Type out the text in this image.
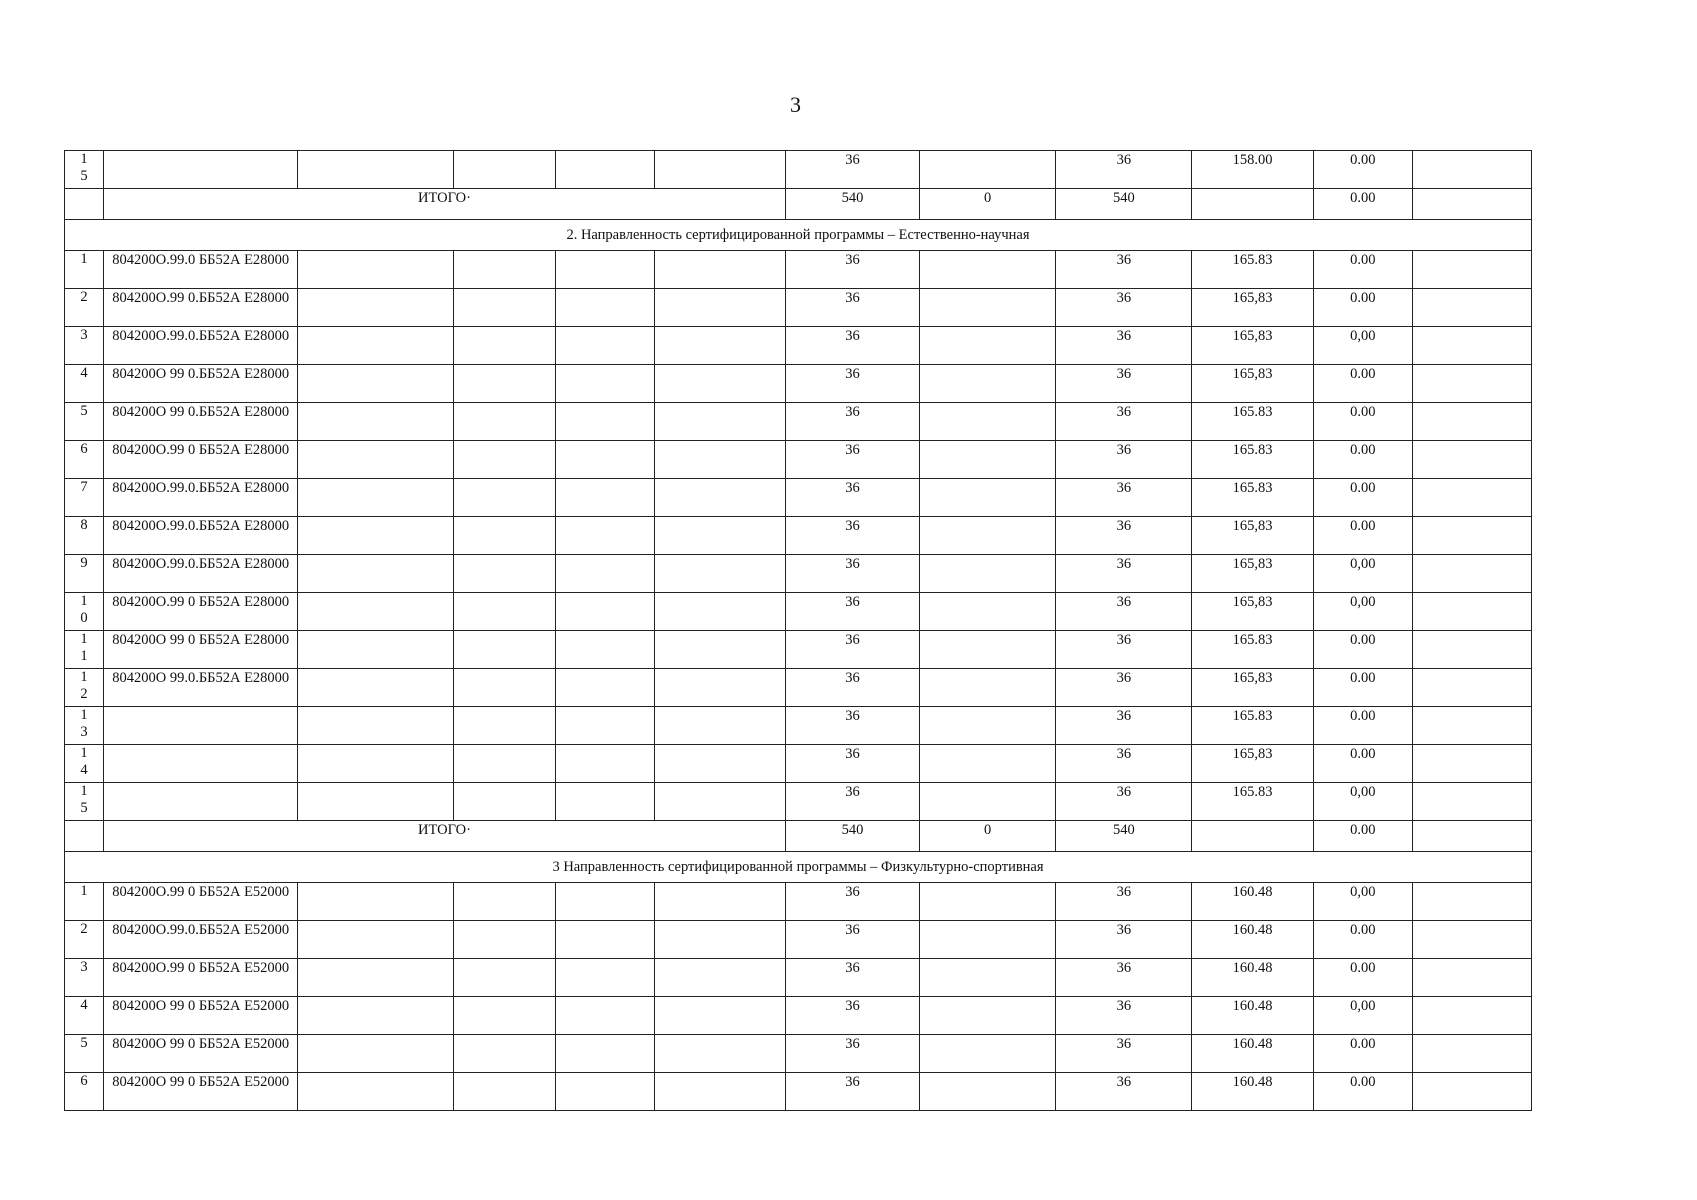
3
1
5						36		36	158.00	0.00	
	ИТОГО·					540	0	540		0.00	
2. Направленность сертифицированной программы – Естественно-научная											

1	804200О.99.0 ББ52А Е28000					36		36	165.83	0.00	

2	804200О.99 0.ББ52А Е28000					36		36	165,83	0.00	

3	804200О.99.0.ББ52А Е28000					36		36	165,83	0,00	

4	804200О 99 0.ББ52А Е28000					36		36	165,83	0.00	

5	804200О 99 0.ББ52А Е28000					36		36	165.83	0.00	

6	804200О.99 0 ББ52А Е28000					36		36	165.83	0.00	

7	804200О.99.0.ББ52А Е28000					36		36	165.83	0.00	

8	804200О.99.0.ББ52А Е28000					36		36	165,83	0.00	

9	804200О.99.0.ББ52А Е28000					36		36	165,83	0,00	

1
0	804200О.99 0 ББ52А Е28000					36		36	165,83	0,00	

1
1	804200О 99 0 ББ52А Е28000					36		36	165.83	0.00	

1
2	804200О 99.0.ББ52А Е28000					36		36	165,83	0.00	

1
3						36		36	165.83	0.00	

1
4						36		36	165,83	0.00	

1
5						36		36	165.83	0,00	
	ИТОГО·					540	0	540		0.00	
3 Направленность сертифицированной программы – Физкультурно-спортивная											

1	804200О.99 0 ББ52А Е52000					36		36	160.48	0,00	

2	804200О.99.0.ББ52А Е52000					36		36	160.48	0.00	

3	804200О.99 0 ББ52А Е52000					36		36	160.48	0.00	

4	804200О 99 0 ББ52А Е52000					36		36	160.48	0,00	

5	804200О 99 0 ББ52А Е52000					36		36	160.48	0.00	

6	804200О 99 0 ББ52А Е52000					36		36	160.48	0.00	
